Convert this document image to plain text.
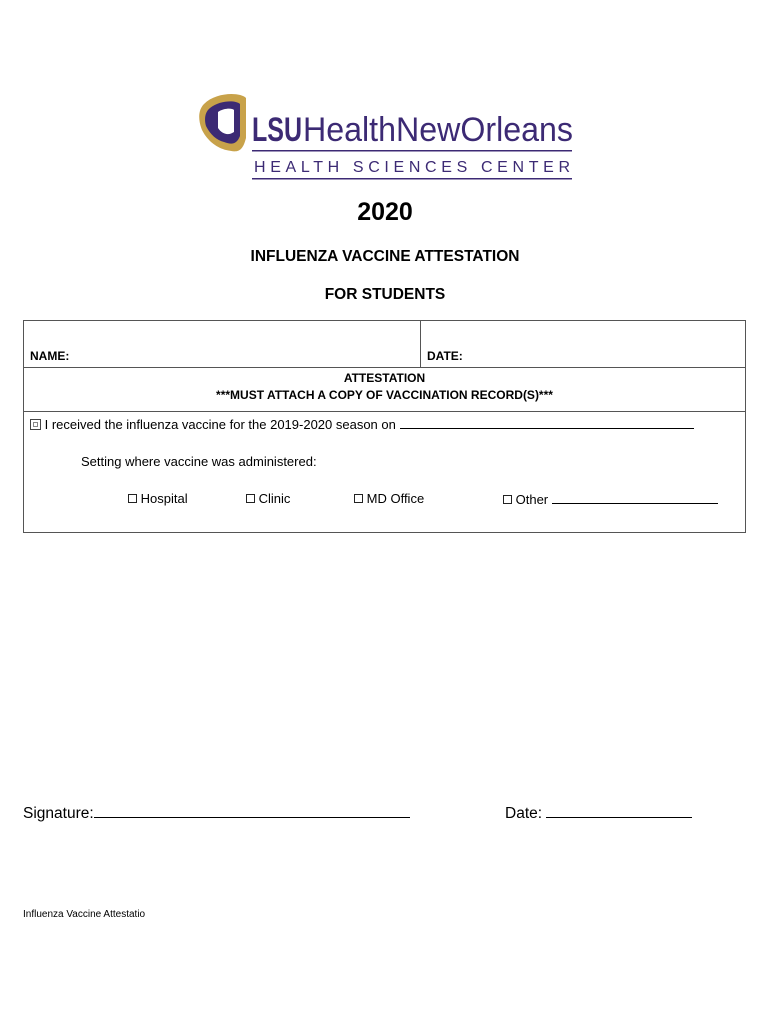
LSU HealthNewOrleans
HEALTH SCIENCES CENTER
2020
INFLUENZA VACCINE ATTESTATION
FOR STUDENTS
NAME:	DATE:
ATTESTATION
***MUST ATTACH A COPY OF VACCINATION RECORD(S)***
I received the influenza vaccine for the 2019-2020 season on
Setting where vaccine was administered:
Hospital	Clinic	MD Office	Other
Signature:	Date:
Influenza Vaccine Attestatio
